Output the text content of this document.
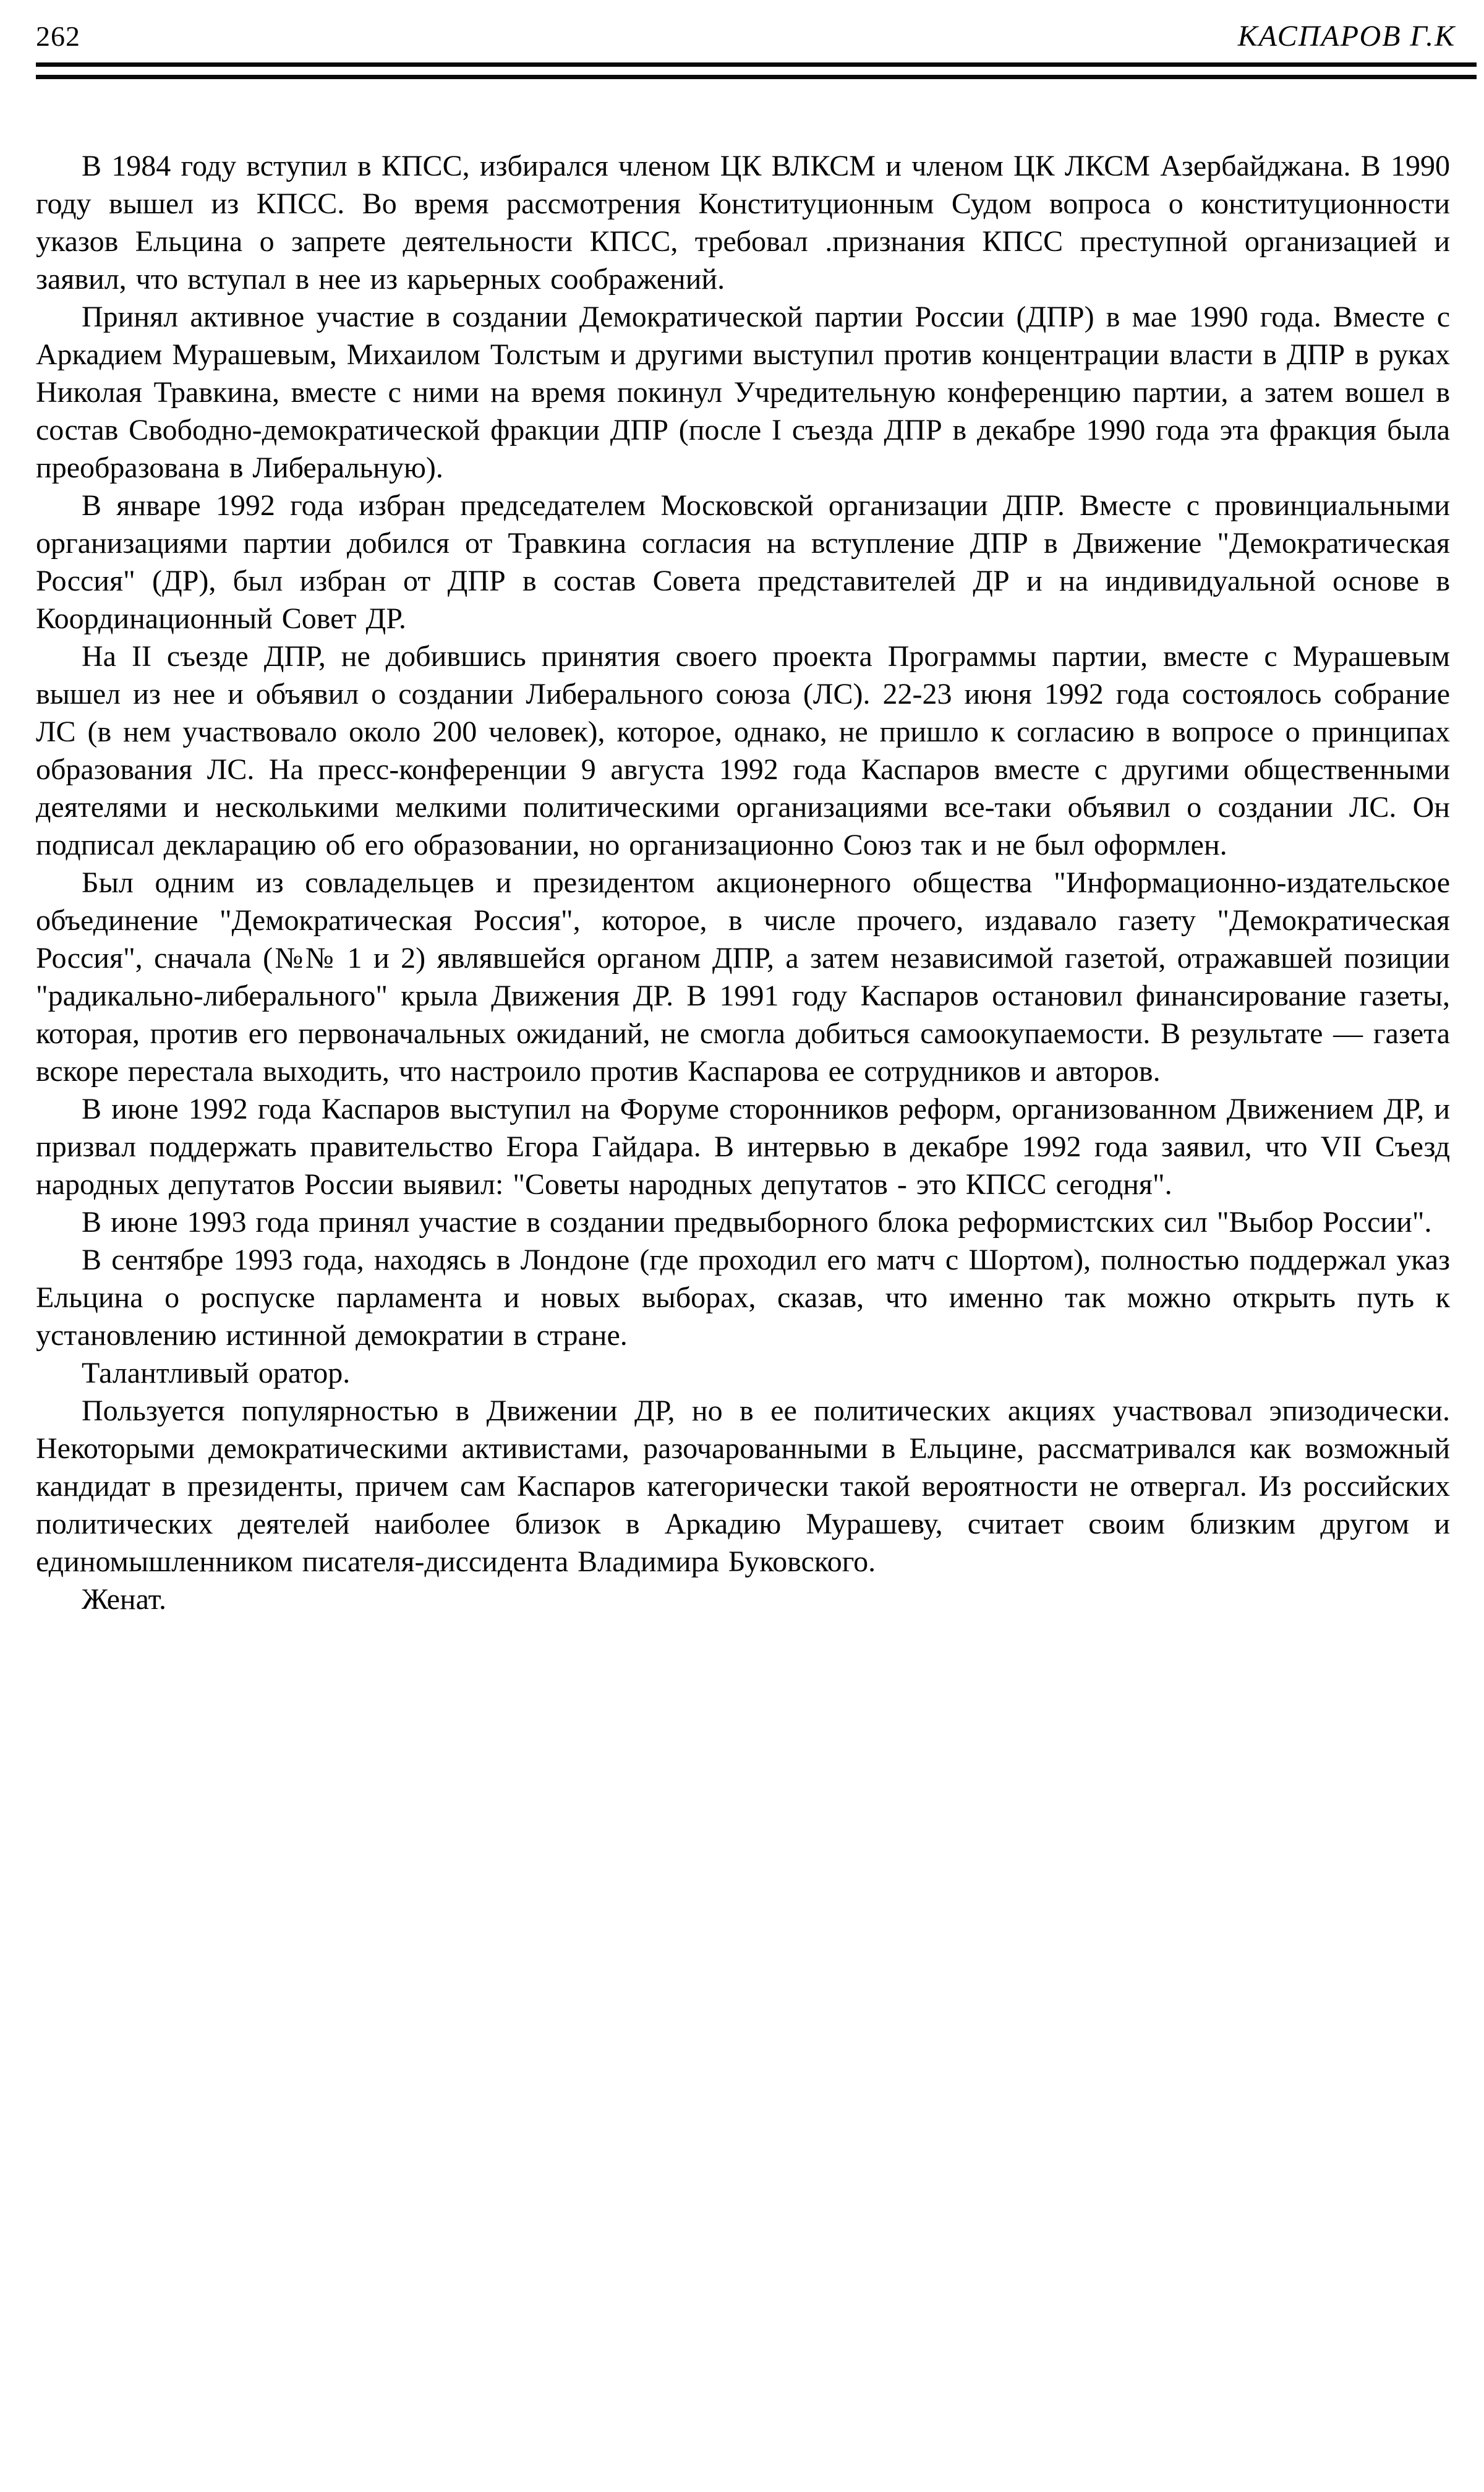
262	КАСПАРОВ Г.К

В 1984 году вступил в КПСС, избирался членом ЦК ВЛКСМ и членом ЦК ЛКСМ Азербайджана. В 1990 году вышел из КПСС. Во время рассмотрения Конституционным Судом вопроса о конституционности указов Ельцина о запрете деятельности КПСС, требовал .признания КПСС преступной организацией и заявил, что вступал в нее из карьерных соображений.

Принял активное участие в создании Демократической партии России (ДПР) в мае 1990 года. Вместе с Аркадием Мурашевым, Михаилом Толстым и другими выступил против концентрации власти в ДПР в руках Николая Травкина, вместе с ними на время покинул Учредительную конференцию партии, а затем вошел в состав Свободно-демократической фракции ДПР (после I съезда ДПР в декабре 1990 года эта фракция была преобразована в Либеральную).

В январе 1992 года избран председателем Московской организации ДПР. Вместе с провинциальными организациями партии добился от Травкина согласия на вступление ДПР в Движение "Демократическая Россия" (ДР), был избран от ДПР в состав Совета представителей ДР и на индивидуальной основе в Координационный Совет ДР.

На II съезде ДПР, не добившись принятия своего проекта Программы партии, вместе с Мурашевым вышел из нее и объявил о создании Либерального союза (ЛС). 22-23 июня 1992 года состоялось собрание ЛС (в нем участвовало около 200 человек), которое, однако, не пришло к согласию в вопросе о принципах образования ЛС. На пресс-конференции 9 августа 1992 года Каспаров вместе с другими общественными деятелями и несколькими мелкими политическими организациями все-таки объявил о создании ЛС. Он подписал декларацию об его образовании, но организационно Союз так и не был оформлен.

Был одним из совладельцев и президентом акционерного общества "Информационно-издательское объединение "Демократическая Россия", которое, в числе прочего, издавало газету "Демократическая Россия", сначала (№№ 1 и 2) являвшейся органом ДПР, а затем независимой газетой, отражавшей позиции "радикально-либерального" крыла Движения ДР. В 1991 году Каспаров остановил финансирование газеты, которая, против его первоначальных ожиданий, не смогла добиться самоокупаемости. В результате — газета вскоре перестала выходить, что настроило против Каспарова ее сотрудников и авторов.

В июне 1992 года Каспаров выступил на Форуме сторонников реформ, организованном Движением ДР, и призвал поддержать правительство Егора Гайдара. В интервью в декабре 1992 года заявил, что VII Съезд народных депутатов России выявил: "Советы народных депутатов - это КПСС сегодня".

В июне 1993 года принял участие в создании предвыборного блока реформистских сил "Выбор России".

В сентябре 1993 года, находясь в Лондоне (где проходил его матч с Шортом), полностью поддержал указ Ельцина о роспуске парламента и новых выборах, сказав, что именно так можно открыть путь к установлению истинной демократии в стране.

Талантливый оратор.

Пользуется популярностью в Движении ДР, но в ее политических акциях участвовал эпизодически. Некоторыми демократическими активистами, разочарованными в Ельцине, рассматривался как возможный кандидат в президенты, причем сам Каспаров категорически такой вероятности не отвергал. Из российских политических деятелей наиболее близок в Аркадию Мурашеву, считает своим близким другом и единомышленником писателя-диссидента Владимира Буковского.

Женат.
